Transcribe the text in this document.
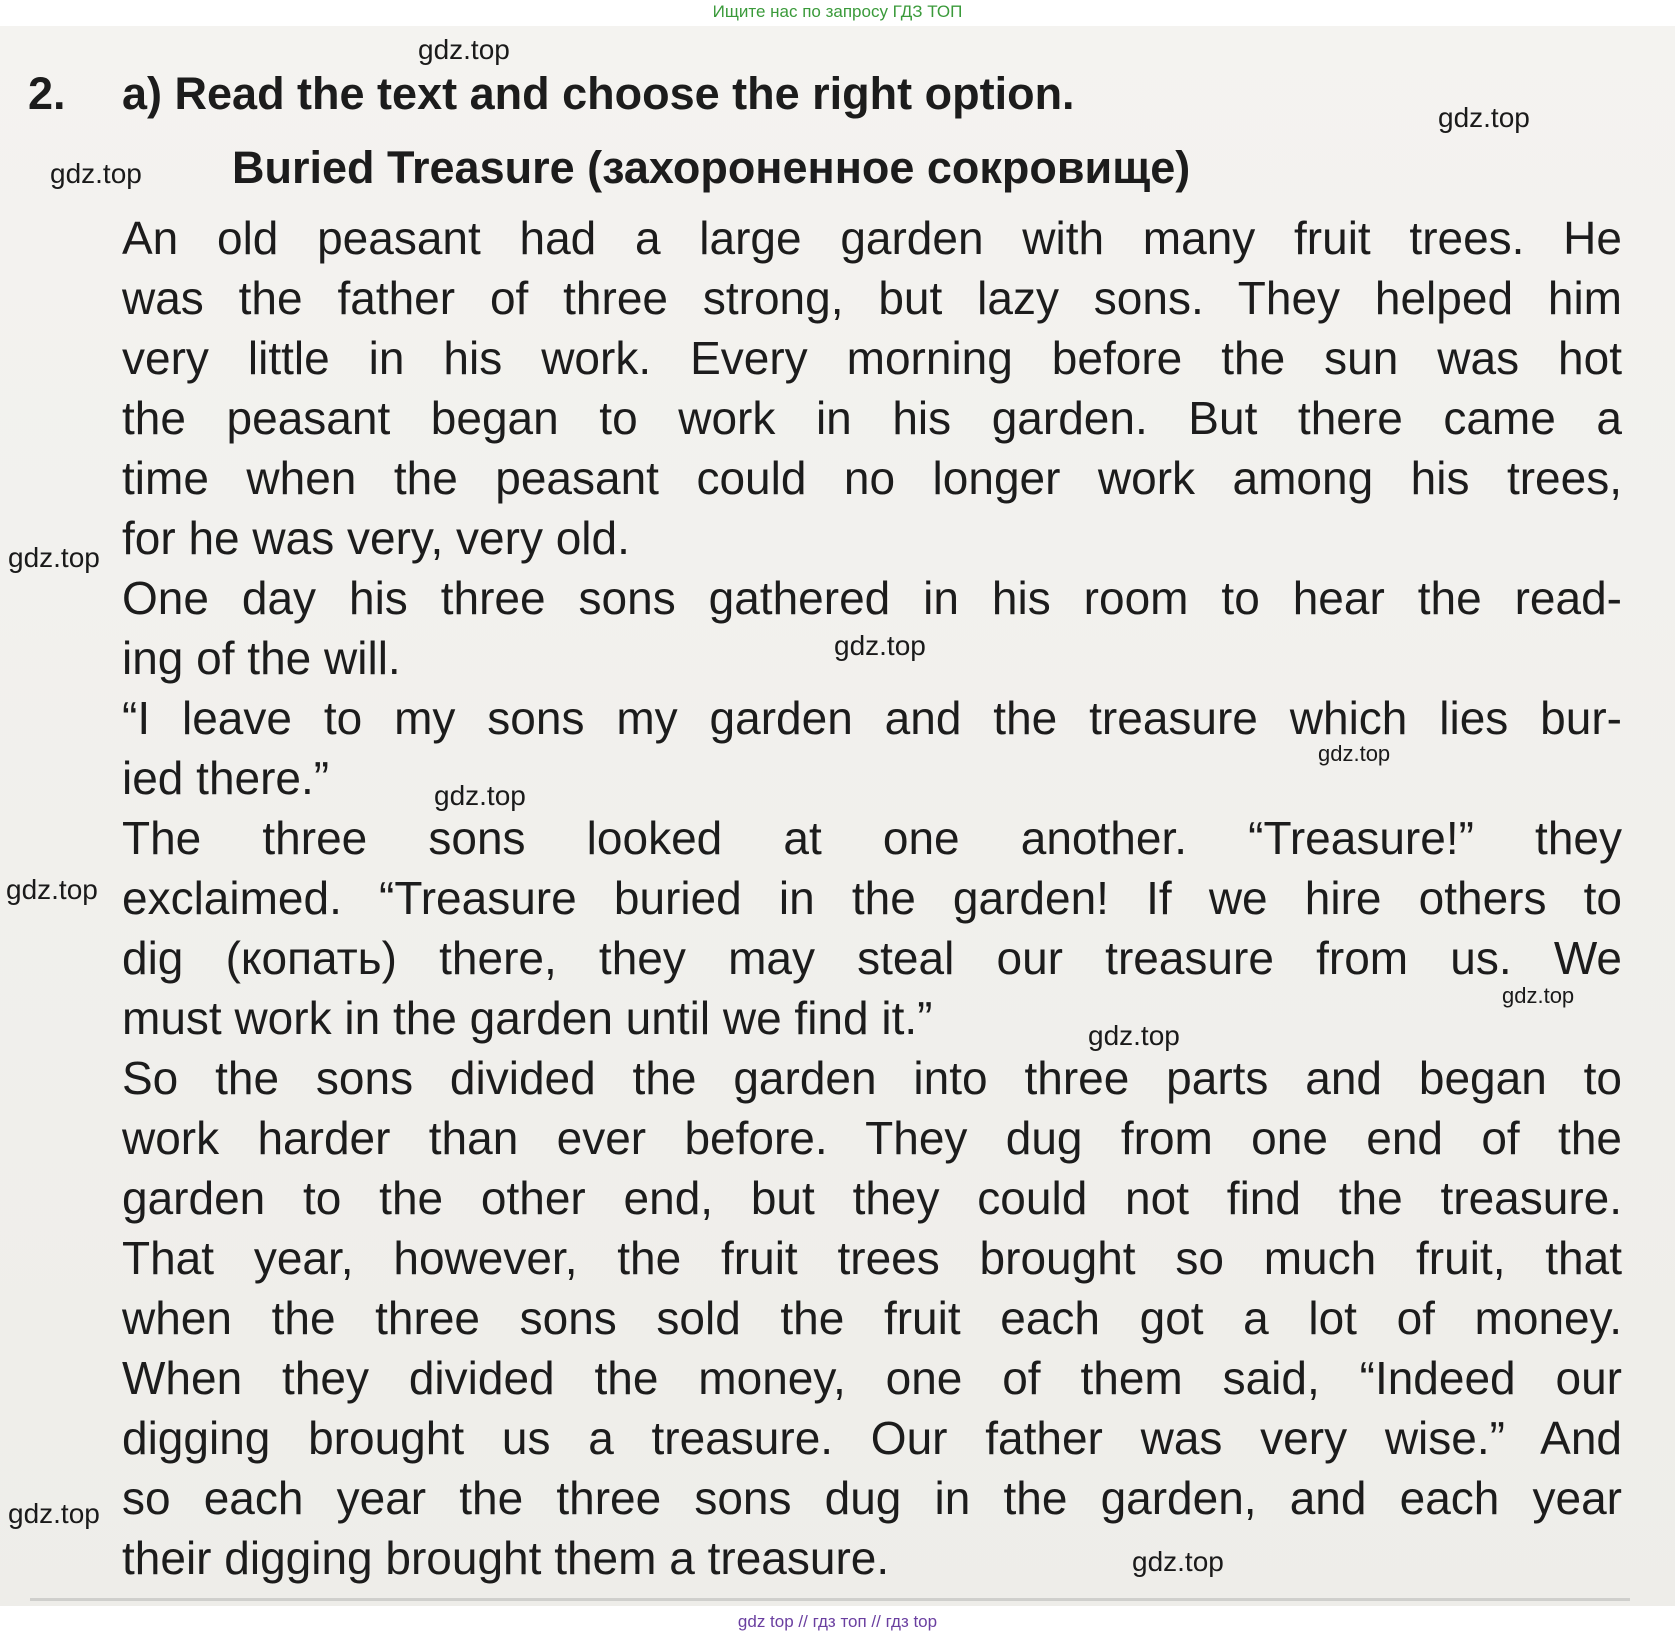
Ищите нас по запросу ГДЗ ТОП
2. a) Read the text and choose the right option.
Buried Treasure (захороненное сокровище)
An old peasant had a large garden with many fruit trees. He
was the father of three strong, but lazy sons. They helped him
very little in his work. Every morning before the sun was hot
the peasant began to work in his garden. But there came a
time when the peasant could no longer work among his trees,
for he was very, very old.
One day his three sons gathered in his room to hear the read-
ing of the will.
“I leave to my sons my garden and the treasure which lies bur-
ied there.”
The three sons looked at one another. “Treasure!” they
exclaimed. “Treasure buried in the garden! If we hire others to
dig (копать) there, they may steal our treasure from us. We
must work in the garden until we find it.”
So the sons divided the garden into three parts and began to
work harder than ever before. They dug from one end of the
garden to the other end, but they could not find the treasure.
That year, however, the fruit trees brought so much fruit, that
when the three sons sold the fruit each got a lot of money.
When they divided the money, one of them said, “Indeed our
digging brought us a treasure. Our father was very wise.” And
so each year the three sons dug in the garden, and each year
their digging brought them a treasure.
gdz.top
gdz.top
gdz.top
gdz.top
gdz.top
gdz.top
gdz.top
gdz.top
gdz.top
gdz.top
gdz.top
gdz.top
gdz top // гдз топ // гдз top
